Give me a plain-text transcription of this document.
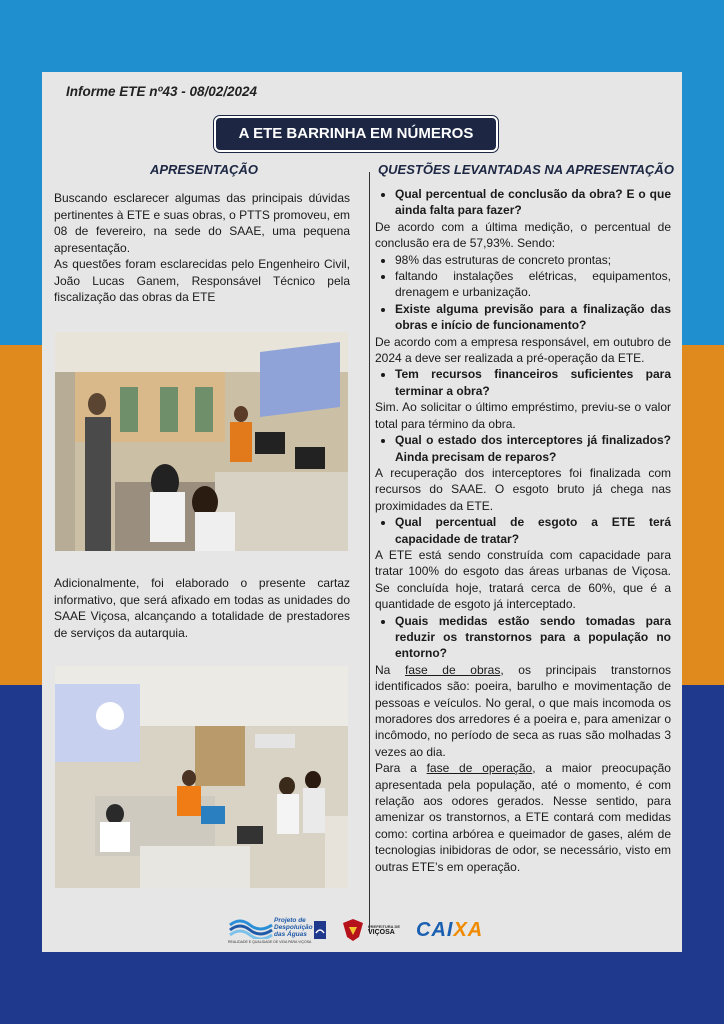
Informe ETE nº43 - 08/02/2024
A ETE BARRINHA EM NÚMEROS
APRESENTAÇÃO	QUESTÕES LEVANTADAS NA APRESENTAÇÃO

Buscando esclarecer algumas das principais dúvidas pertinentes à ETE e suas obras, o PTTS promoveu, em 08 de fevereiro, na sede do SAAE, uma pequena apresentação.

As questões foram esclarecidas pelo Engenheiro Civil, João Lucas Ganem, Responsável Técnico pela fiscalização das obras da ETE

Adicionalmente, foi elaborado o presente cartaz informativo, que será afixado em todas as unidades do SAAE Viçosa, alcançando a totalidade de prestadores de serviços da autarquia.

• Qual percentual de conclusão da obra? E o que ainda falta para fazer?

De acordo com a última medição, o percentual de conclusão era de 57,93%. Sendo:

• 98% das estruturas de concreto prontas;
• faltando instalações elétricas, equipamentos, drenagem e urbanização.
• Existe alguma previsão para a finalização das obras e início de funcionamento?

De acordo com a empresa responsável, em outubro de 2024 a deve ser realizada a pré-operação da ETE.

• Tem recursos financeiros suficientes para terminar a obra?

Sim. Ao solicitar o último empréstimo, previu-se o valor total para término da obra.

• Qual o estado dos interceptores já finalizados? Ainda precisam de reparos?

A recuperação dos interceptores foi finalizada com recursos do SAAE. O esgoto bruto já chega nas proximidades da ETE.

• Qual percentual de esgoto a ETE terá capacidade de tratar?

A ETE está sendo construída com capacidade para tratar 100% do esgoto das áreas urbanas de Viçosa. Se concluída hoje, tratará cerca de 60%, que é a quantidade de esgoto já interceptado.

• Quais medidas estão sendo tomadas para reduzir os transtornos para a população no entorno?

Na fase de obras, os principais transtornos identificados são: poeira, barulho e movimentação de pessoas e veículos. No geral, o que mais incomoda os moradores dos arredores é a poeira e, para amenizar o incômodo, no período de seca as ruas são molhadas 3 vezes ao dia.

Para a fase de operação, a maior preocupação apresentada pela população, até o momento, é com relação aos odores gerados. Nesse sentido, para amenizar os transtornos, a ETE contará com medidas como: cortina arbórea e queimador de gases, além de tecnologias inibidoras de odor, se necessário, visto em outras ETE’s em operação.

Projeto de
Despoluição
das Águas
REALIDADE E QUALIDADE DE VIDA PARA VIÇOSA
PREFEITURA DE
VIÇOSA CAIXA
